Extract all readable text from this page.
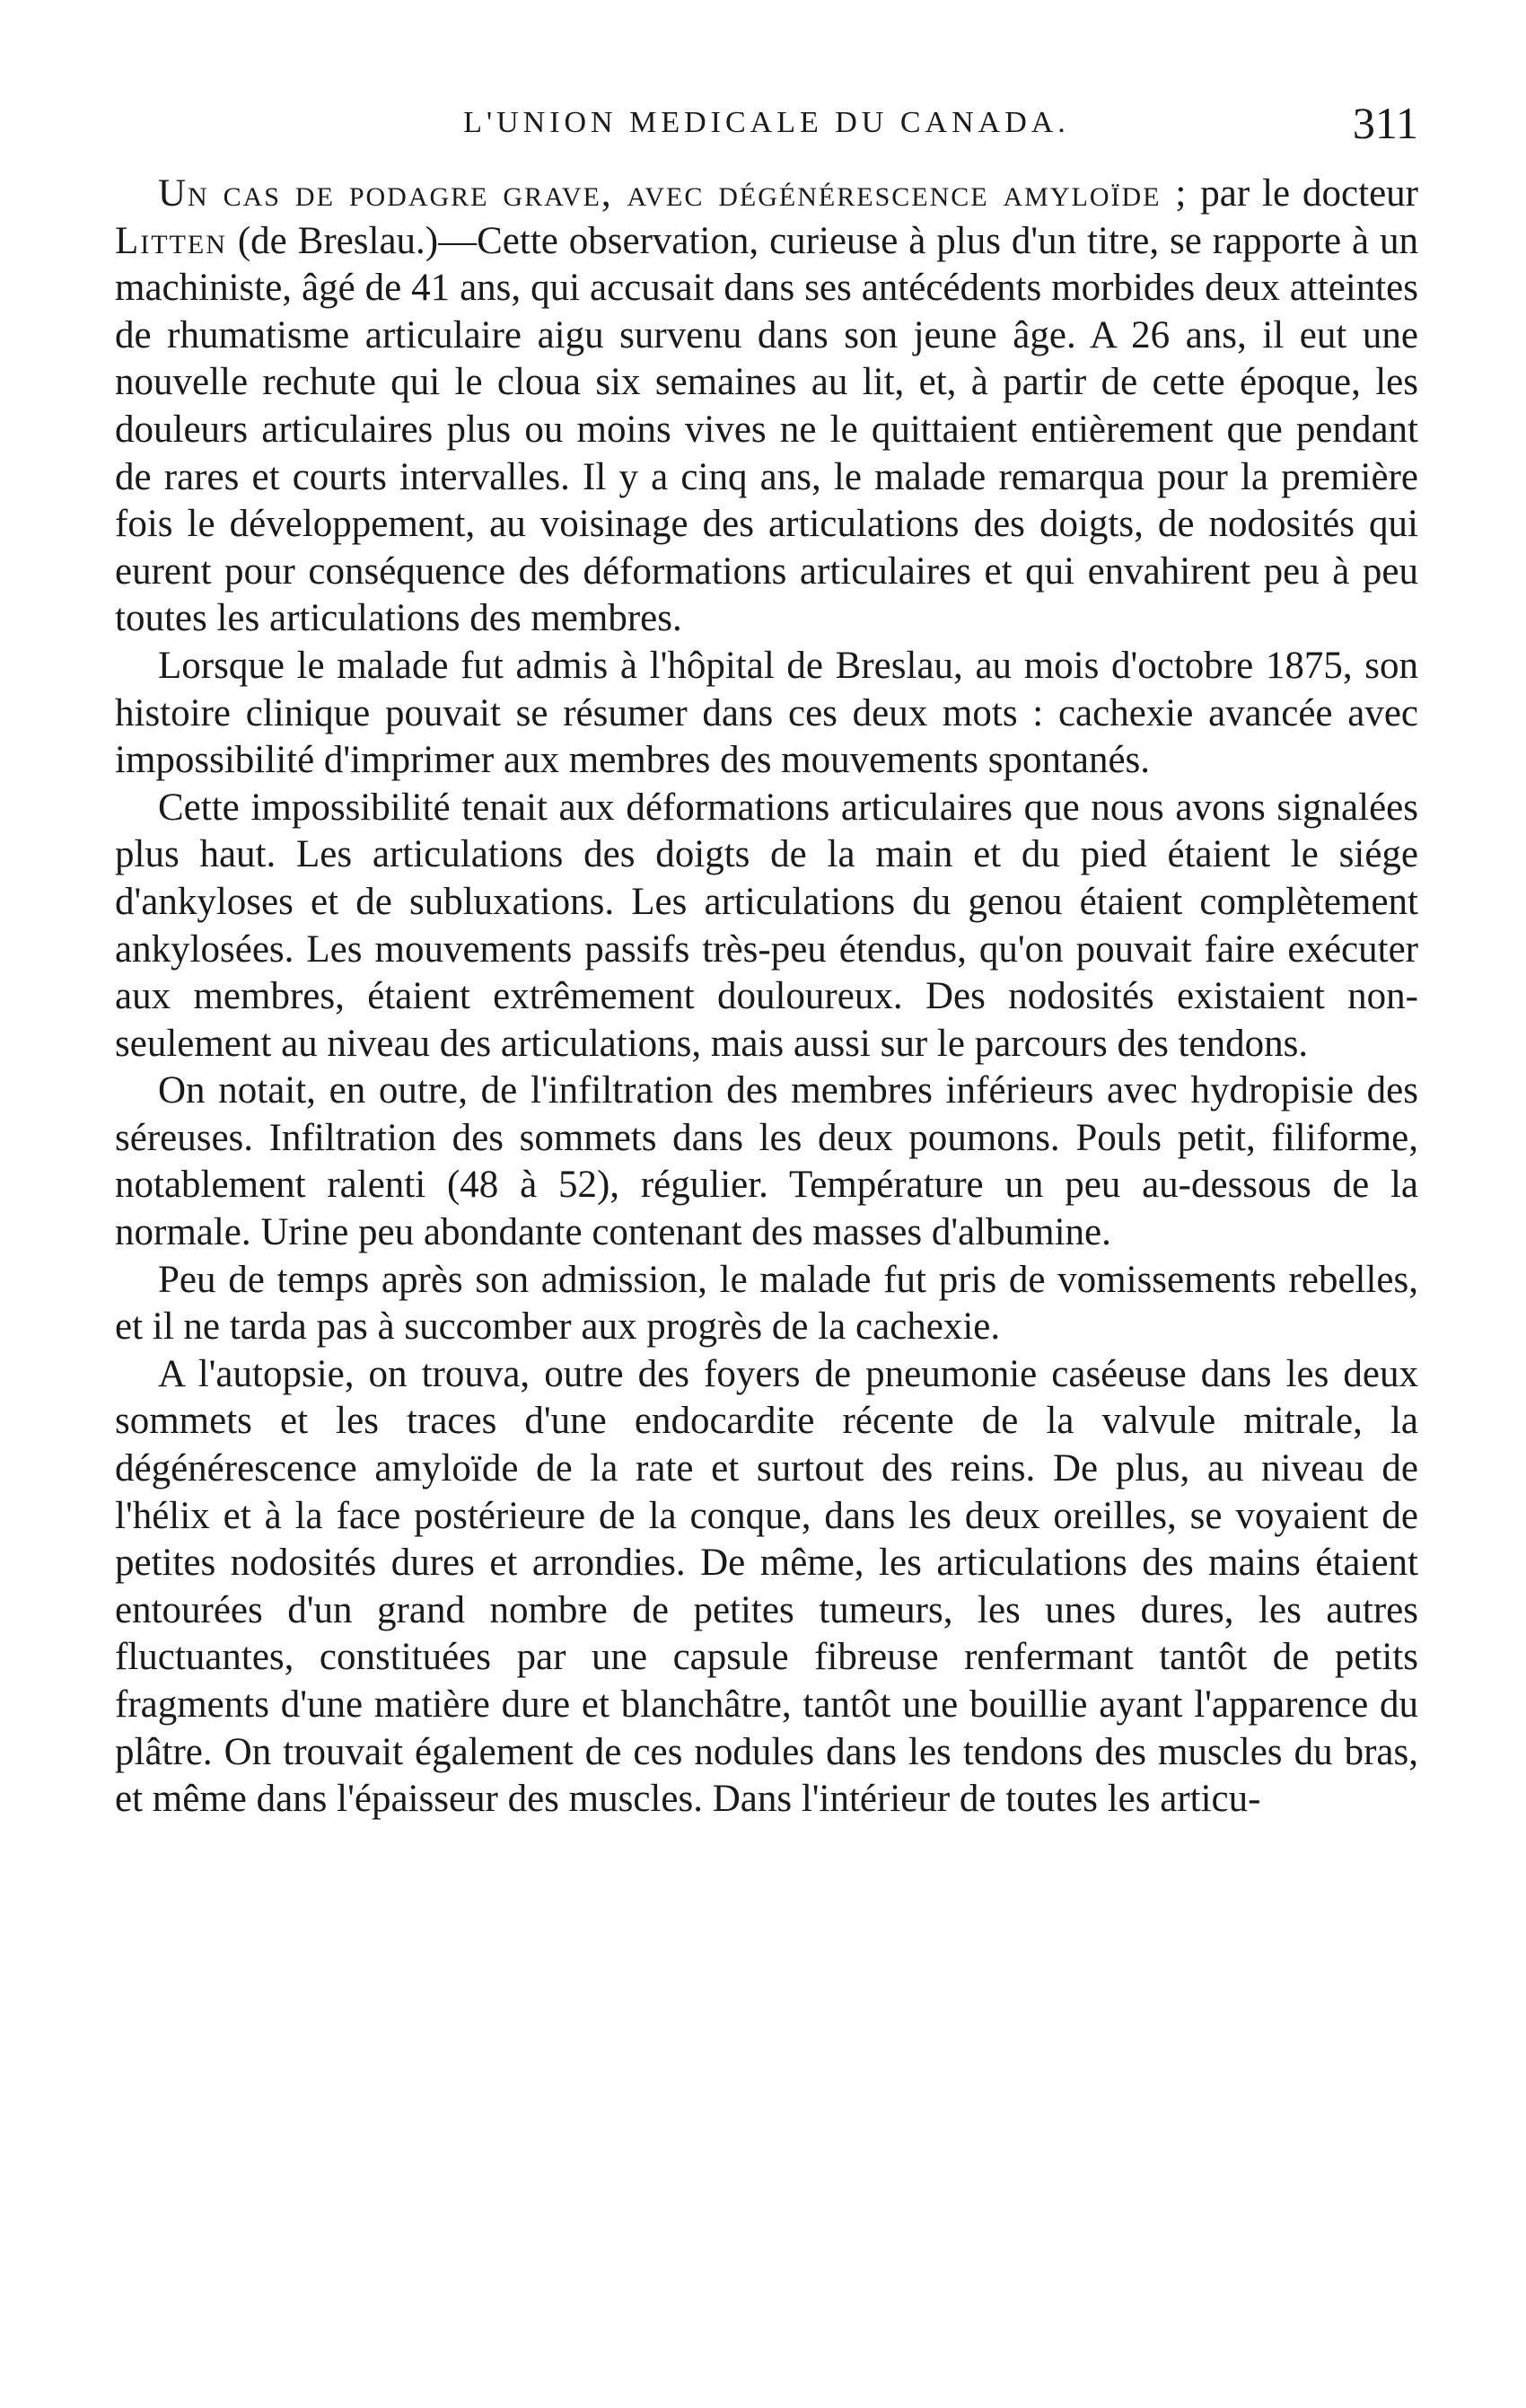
L'UNION MEDICALE DU CANADA.	311

Un cas de podagre grave, avec dégénérescence amyloïde ; par le docteur Litten (de Breslau.)—Cette observation, curieuse à plus d'un titre, se rapporte à un machiniste, âgé de 41 ans, qui accusait dans ses antécédents morbides deux atteintes de rhumatisme articulaire aigu survenu dans son jeune âge. A 26 ans, il eut une nouvelle rechute qui le cloua six semaines au lit, et, à partir de cette époque, les douleurs articulaires plus ou moins vives ne le quittaient entièrement que pendant de rares et courts intervalles. Il y a cinq ans, le malade remarqua pour la première fois le développement, au voisinage des articulations des doigts, de nodosités qui eurent pour conséquence des déformations articulaires et qui envahirent peu à peu toutes les articulations des membres.

Lorsque le malade fut admis à l'hôpital de Breslau, au mois d'octobre 1875, son histoire clinique pouvait se résumer dans ces deux mots : cachexie avancée avec impossibilité d'imprimer aux membres des mouvements spontanés.

Cette impossibilité tenait aux déformations articulaires que nous avons signalées plus haut. Les articulations des doigts de la main et du pied étaient le siége d'ankyloses et de subluxations. Les articulations du genou étaient complètement ankylosées. Les mouvements passifs très-peu étendus, qu'on pouvait faire exécuter aux membres, étaient extrêmement douloureux. Des nodosités existaient non-seulement au niveau des articulations, mais aussi sur le parcours des tendons.

On notait, en outre, de l'infiltration des membres inférieurs avec hydropisie des séreuses. Infiltration des sommets dans les deux poumons. Pouls petit, filiforme, notablement ralenti (48 à 52), régulier. Température un peu au-dessous de la normale. Urine peu abondante contenant des masses d'albumine.

Peu de temps après son admission, le malade fut pris de vomissements rebelles, et il ne tarda pas à succomber aux progrès de la cachexie.

A l'autopsie, on trouva, outre des foyers de pneumonie caséeuse dans les deux sommets et les traces d'une endocardite récente de la valvule mitrale, la dégénérescence amyloïde de la rate et surtout des reins. De plus, au niveau de l'hélix et à la face postérieure de la conque, dans les deux oreilles, se voyaient de petites nodosités dures et arrondies. De même, les articulations des mains étaient entourées d'un grand nombre de petites tumeurs, les unes dures, les autres fluctuantes, constituées par une capsule fibreuse renfermant tantôt de petits fragments d'une matière dure et blanchâtre, tantôt une bouillie ayant l'apparence du plâtre. On trouvait également de ces nodules dans les tendons des muscles du bras, et même dans l'épaisseur des muscles. Dans l'intérieur de toutes les articu-
